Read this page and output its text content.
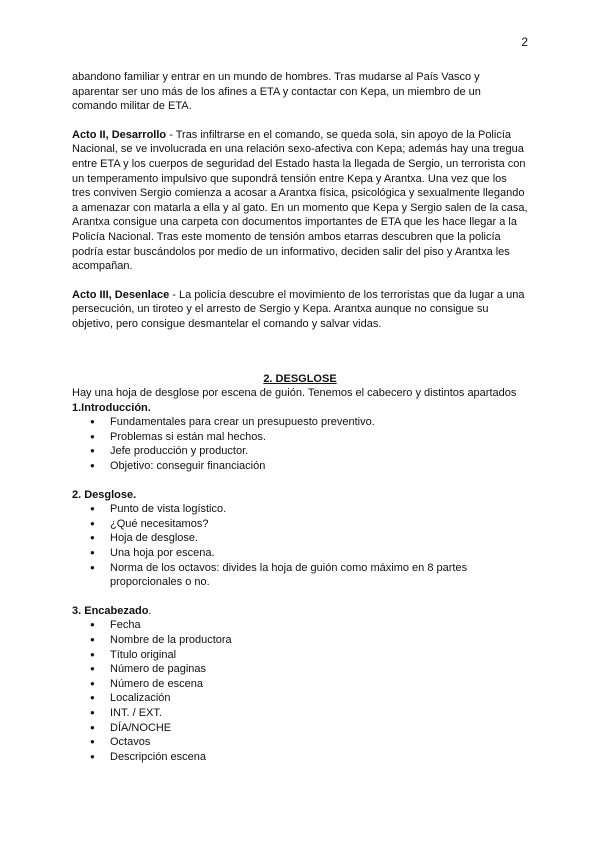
2

abandono familiar y entrar en un mundo de hombres. Tras mudarse al País Vasco y aparentar ser uno más de los afines a ETA y contactar con Kepa, un miembro de un comando militar de ETA.

Acto II, Desarrollo - Tras infiltrarse en el comando, se queda sola, sin apoyo de la Policía Nacional, se ve involucrada en una relación sexo-afectiva con Kepa; además hay una tregua entre ETA y los cuerpos de seguridad del Estado hasta la llegada de Sergio, un terrorista con un temperamento impulsivo que supondrá tensión entre Kepa y Arantxa. Una vez que los tres conviven Sergio comienza a acosar a Arantxa física, psicológica y sexualmente llegando a amenazar con matarla a ella y al gato. En un momento que Kepa y Sergio salen de la casa, Arantxa consigue una carpeta con documentos importantes de ETA que les hace llegar a la Policía Nacional. Tras este momento de tensión ambos etarras descubren que la policía podría estar buscándolos por medio de un informativo, deciden salir del piso y Arantxa les acompañan.

Acto III, Desenlace - La policía descubre el movimiento de los terroristas que da lugar a una persecución, un tiroteo y el arresto de Sergio y Kepa. Arantxa aunque no consigue su objetivo, pero consigue desmantelar el comando y salvar vidas.

2. DESGLOSE

Hay una hoja de desglose por escena de guión. Tenemos el cabecero y distintos apartados

1.Introducción.

● Fundamentales para crear un presupuesto preventivo.
● Problemas si están mal hechos.
● Jefe producción y productor.
● Objetivo: conseguir financiación

2. Desglose.

● Punto de vista logístico.
● ¿Qué necesitamos?
● Hoja de desglose.
● Una hoja por escena.
● Norma de los octavos: divides la hoja de guión como máximo en 8 partes proporcionales o no.

3. Encabezado.

● Fecha
● Nombre de la productora
● Título original
● Número de paginas
● Número de escena
● Localización
● INT. / EXT.
● DÍA/NOCHE
● Octavos
● Descripción escena
